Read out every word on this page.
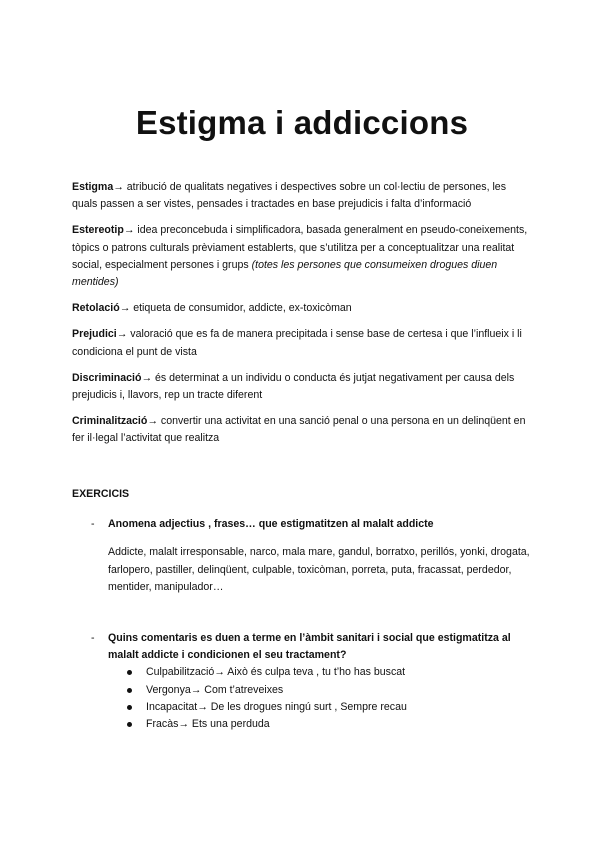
Estigma i addiccions

Estigma→ atribució de qualitats negatives i despectives sobre un col·lectiu de persones, les quals passen a ser vistes, pensades i tractades en base prejudicis i falta d’informació

Estereotip→ idea preconcebuda i simplificadora, basada generalment en pseudo-coneixements, tòpics o patrons culturals prèviament establerts, que s’utilitza per a conceptualitzar una realitat social, especialment persones i grups (totes les persones que consumeixen drogues diuen mentides)

Retolació→ etiqueta de consumidor, addicte, ex-toxicòman

Prejudici→ valoració que es fa de manera precipitada i sense base de certesa i que l’influeix i li condiciona el punt de vista

Discriminació→ és determinat a un individu o conducta és jutjat negativament per causa dels prejudicis i, llavors, rep un tracte diferent

Criminalització→ convertir una activitat en una sanció penal o una persona en un delinqüent en fer il·legal l’activitat que realitza

EXERCICIS
- Anomena adjectius , frases… que estigmatitzen al malalt addicte

Addicte, malalt irresponsable, narco, mala mare, gandul, borratxo, perillós, yonki, drogata, farlopero, pastiller, delinqüent, culpable, toxicòman, porreta, puta, fracassat, perdedor, mentider, manipulador…

- Quins comentaris es duen a terme en l’àmbit sanitari i social que estigmatitza al malalt addicte i condicionen el seu tractament?
Culpabilització→ Això és culpa teva , tu t’ho has buscat
Vergonya→ Com t’atreveixes
Incapacitat→ De les drogues ningú surt , Sempre recau
Fracàs→ Ets una perduda
